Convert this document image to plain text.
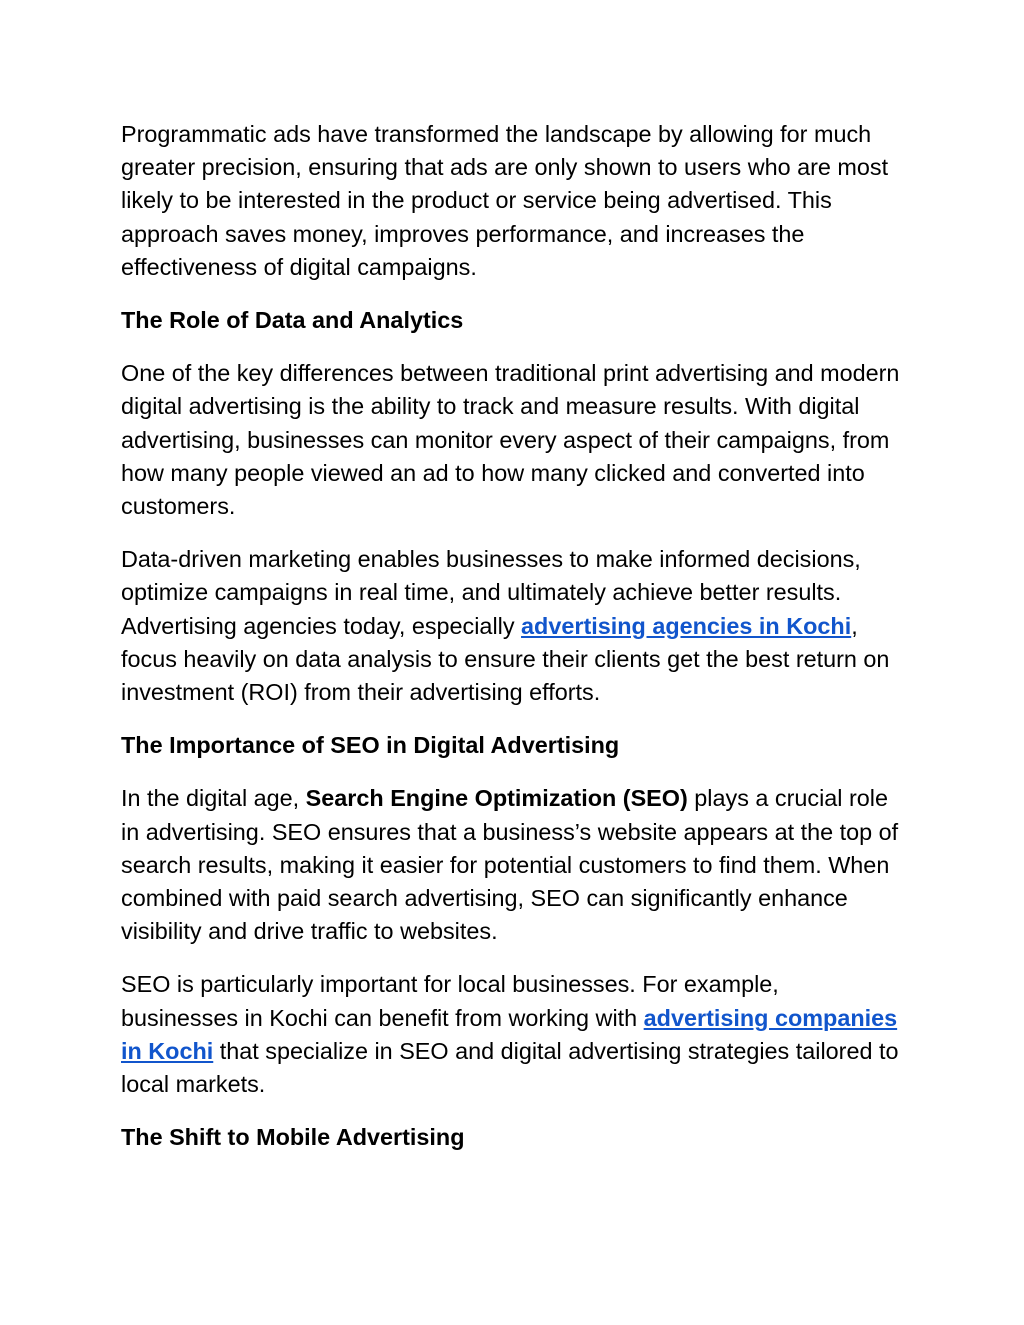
Programmatic ads have transformed the landscape by allowing for much greater precision, ensuring that ads are only shown to users who are most likely to be interested in the product or service being advertised. This approach saves money, improves performance, and increases the effectiveness of digital campaigns.

The Role of Data and Analytics

One of the key differences between traditional print advertising and modern digital advertising is the ability to track and measure results. With digital advertising, businesses can monitor every aspect of their campaigns, from how many people viewed an ad to how many clicked and converted into customers.

Data-driven marketing enables businesses to make informed decisions, optimize campaigns in real time, and ultimately achieve better results. Advertising agencies today, especially advertising agencies in Kochi, focus heavily on data analysis to ensure their clients get the best return on investment (ROI) from their advertising efforts.

The Importance of SEO in Digital Advertising

In the digital age, Search Engine Optimization (SEO) plays a crucial role in advertising. SEO ensures that a business’s website appears at the top of search results, making it easier for potential customers to find them. When combined with paid search advertising, SEO can significantly enhance visibility and drive traffic to websites.

SEO is particularly important for local businesses. For example, businesses in Kochi can benefit from working with advertising companies in Kochi that specialize in SEO and digital advertising strategies tailored to local markets.

The Shift to Mobile Advertising
